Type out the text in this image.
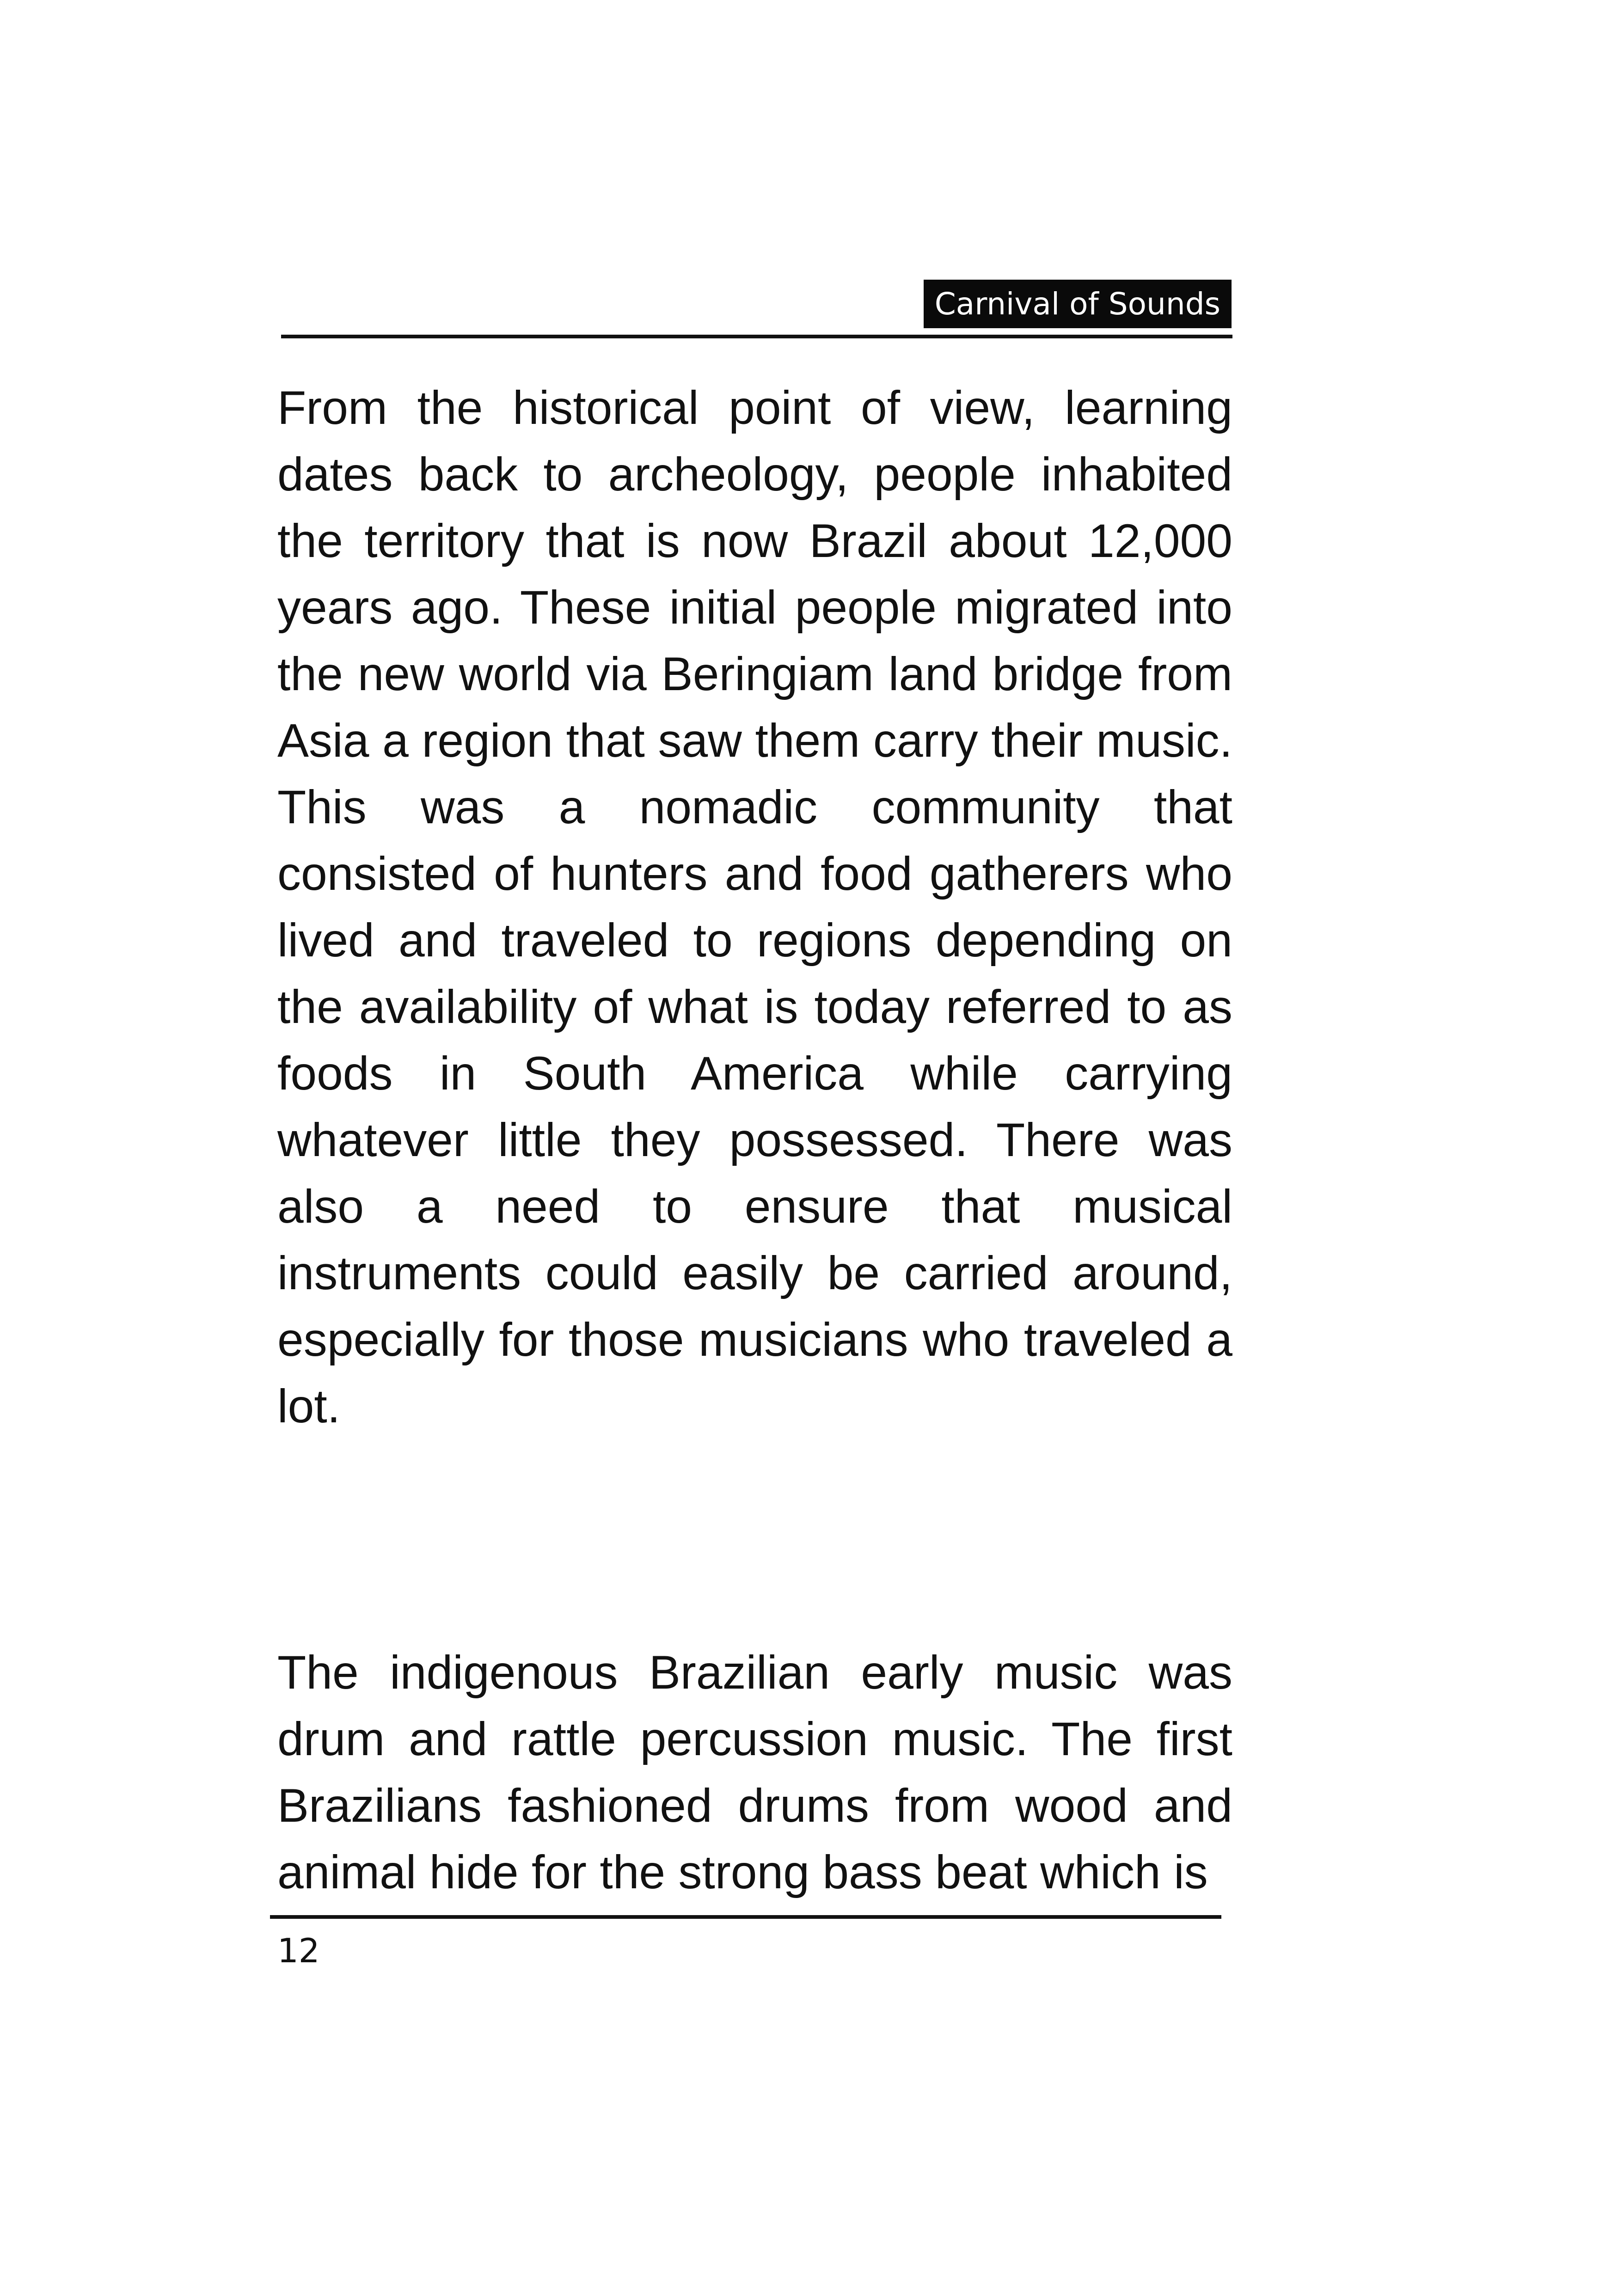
Carnival of Sounds

From the historical point of view, learning dates back to archeology, people inhabited the territory that is now Brazil about 12,000 years ago. These initial people migrated into the new world via Beringiam land bridge from Asia a region that saw them carry their music. This was a nomadic community that consisted of hunters and food gatherers who lived and traveled to regions depending on the availability of what is today referred to as foods in South America while carrying whatever little they possessed. There was also a need to ensure that musical instruments could easily be carried around, especially for those musicians who traveled a lot.

The indigenous Brazilian early music was drum and rattle percussion music. The first Brazilians fashioned drums from wood and animal hide for the strong bass beat which is

12
